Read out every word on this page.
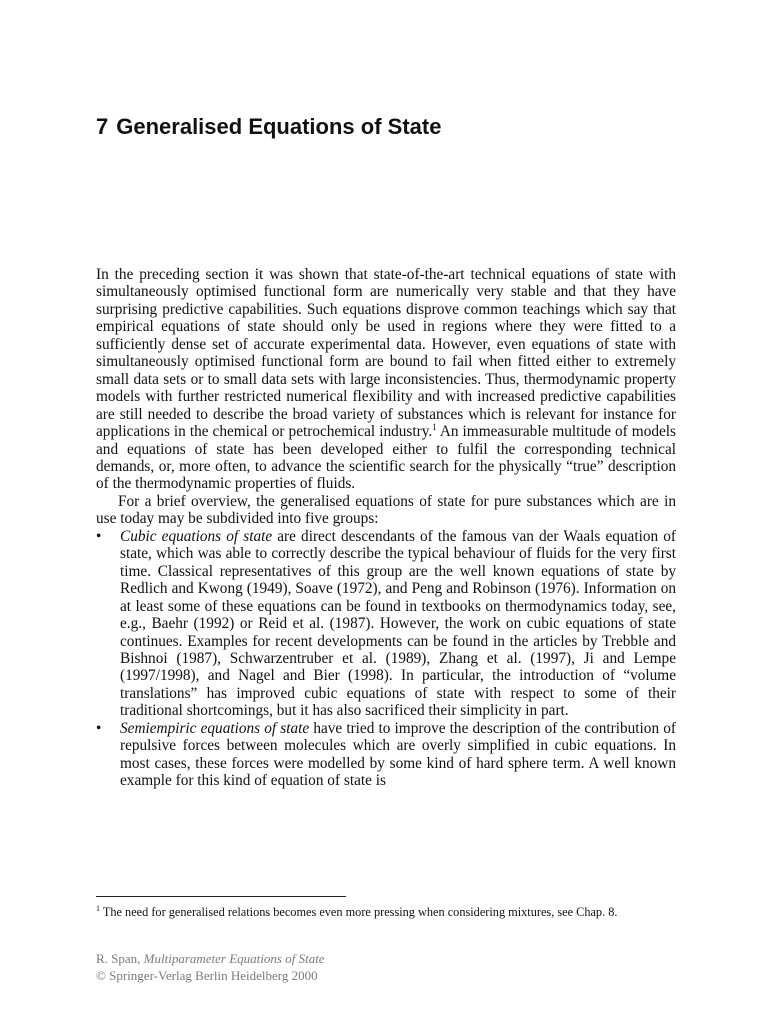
7 Generalised Equations of State

In the preceding section it was shown that state-of-the-art technical equations of state with simultaneously optimised functional form are numerically very stable and that they have surprising predictive capabilities. Such equations disprove common teachings which say that empirical equations of state should only be used in regions where they were fitted to a sufficiently dense set of accurate experimental data. However, even equations of state with simultaneously optimised functional form are bound to fail when fitted either to extremely small data sets or to small data sets with large inconsistencies. Thus, thermodynamic property models with further restricted numerical flexibility and with increased predictive capabilities are still needed to describe the broad variety of substances which is relevant for instance for applications in the chemical or petrochemical industry.$^1$ An immeasurable multitude of models and equations of state has been developed either to fulfil the corresponding technical demands, or, more often, to advance the scientific search for the physically “true” description of the thermodynamic properties of fluids.

For a brief overview, the generalised equations of state for pure substances which are in use today may be subdivided into five groups:

• Cubic equations of state are direct descendants of the famous van der Waals equation of state, which was able to correctly describe the typical behaviour of fluids for the very first time. Classical representatives of this group are the well known equations of state by Redlich and Kwong (1949), Soave (1972), and Peng and Robinson (1976). Information on at least some of these equations can be found in textbooks on thermodynamics today, see, e.g., Baehr (1992) or Reid et al. (1987). However, the work on cubic equations of state continues. Examples for recent developments can be found in the articles by Trebble and Bishnoi (1987), Schwarzentruber et al. (1989), Zhang et al. (1997), Ji and Lempe (1997/1998), and Nagel and Bier (1998). In particular, the introduction of “volume translations” has improved cubic equations of state with respect to some of their traditional shortcomings, but it has also sacrificed their simplicity in part.
• Semiempiric equations of state have tried to improve the description of the contribution of repulsive forces between molecules which are overly simplified in cubic equations. In most cases, these forces were modelled by some kind of hard sphere term. A well known example for this kind of equation of state is

$^1$ The need for generalised relations becomes even more pressing when considering mixtures, see Chap. 8.

R. Span, Multiparameter Equations of State
© Springer-Verlag Berlin Heidelberg 2000
